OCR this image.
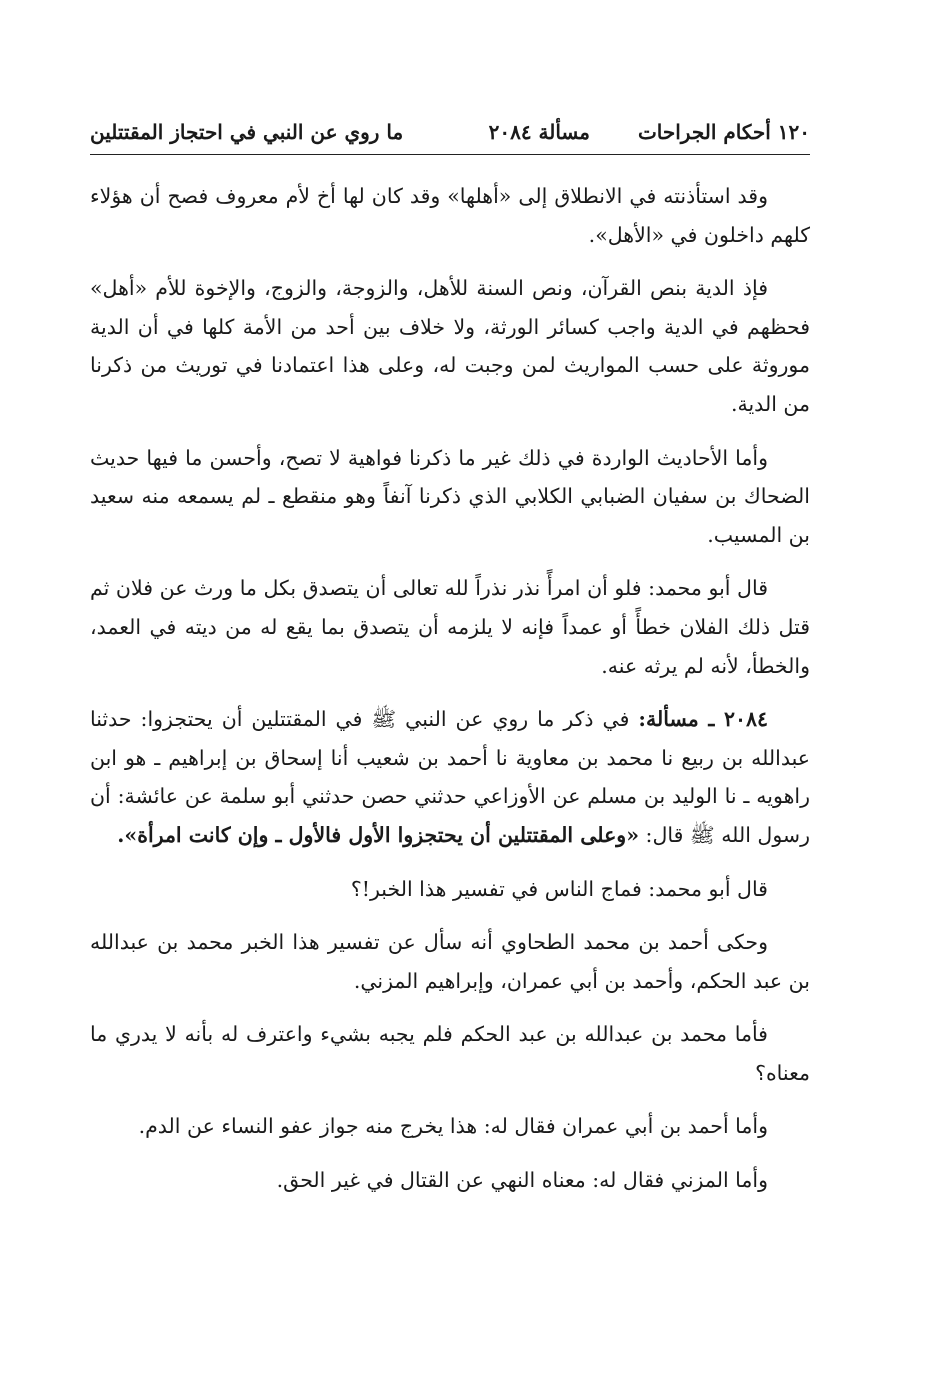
١٢٠ أحكام الجراحات
مسألة ٢٠٨٤
ما روي عن النبي في احتجاز المقتتلين

وقد استأذنته في الانطلاق إلى «أهلها» وقد كان لها أخ لأم معروف فصح أن هؤلاء كلهم داخلون في «الأهل».

فإذ الدية بنص القرآن، ونص السنة للأهل، والزوجة، والزوج، والإخوة للأم «أهل» فحظهم في الدية واجب كسائر الورثة، ولا خلاف بين أحد من الأمة كلها في أن الدية موروثة على حسب المواريث لمن وجبت له، وعلى هذا اعتمادنا في توريث من ذكرنا من الدية.

وأما الأحاديث الواردة في ذلك غير ما ذكرنا فواهية لا تصح، وأحسن ما فيها حديث الضحاك بن سفيان الضبابي الكلابي الذي ذكرنا آنفاً وهو منقطع ـ لم يسمعه منه سعيد بن المسيب.

قال أبو محمد: فلو أن امرأً نذر نذراً لله تعالى أن يتصدق بكل ما ورث عن فلان ثم قتل ذلك الفلان خطأً أو عمداً فإنه لا يلزمه أن يتصدق بما يقع له من ديته في العمد، والخطأ، لأنه لم يرثه عنه.

٢٠٨٤ ـ مسألة: في ذكر ما روي عن النبي ﷺ في المقتتلين أن يحتجزوا: حدثنا عبدالله بن ربيع نا محمد بن معاوية نا أحمد بن شعيب أنا إسحاق بن إبراهيم ـ هو ابن راهويه ـ نا الوليد بن مسلم عن الأوزاعي حدثني حصن حدثني أبو سلمة عن عائشة: أن رسول الله ﷺ قال: «وعلى المقتتلين أن يحتجزوا الأول فالأول ـ وإن كانت امرأة».

قال أبو محمد: فماج الناس في تفسير هذا الخبر!؟

وحكى أحمد بن محمد الطحاوي أنه سأل عن تفسير هذا الخبر محمد بن عبدالله بن عبد الحكم، وأحمد بن أبي عمران، وإبراهيم المزني.

فأما محمد بن عبدالله بن عبد الحكم فلم يجبه بشيء واعترف له بأنه لا يدري ما معناه؟

وأما أحمد بن أبي عمران فقال له: هذا يخرج منه جواز عفو النساء عن الدم.

وأما المزني فقال له: معناه النهي عن القتال في غير الحق.
